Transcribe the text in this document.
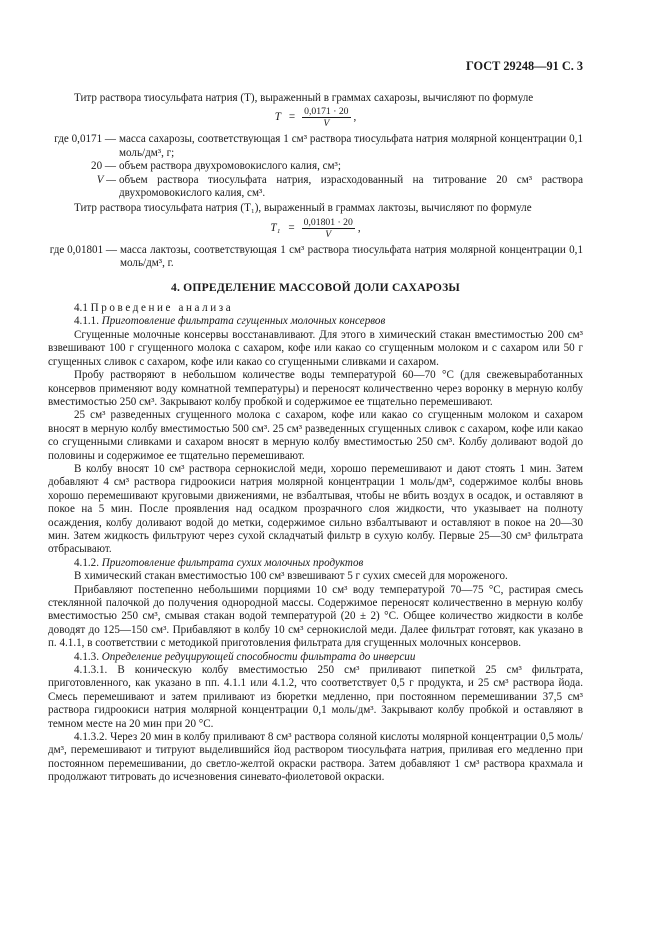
ГОСТ 29248—91 С. 3

Титр раствора тиосульфата натрия (Т), выраженный в граммах сахарозы, вычисляют по формуле

$T = \frac{0,0171 \cdot 20}{V}$ ,
где 0,0171 — масса сахарозы, соответствующая 1 см³ раствора тиосульфата натрия молярной концентрации 0,1 моль/дм³, г;
20 — объем раствора двухромовокислого калия, см³;
V — объем раствора тиосульфата натрия, израсходованный на титрование 20 см³ раствора двухромовокислого калия, см³.

Титр раствора тиосульфата натрия (Т₁), выраженный в граммах лактозы, вычисляют по формуле

$T_1 = \frac{0,01801 \cdot 20}{V}$ ,
где 0,01801 — масса лактозы, соответствующая 1 см³ раствора тиосульфата натрия молярной концентрации 0,1 моль/дм³, г.
4. ОПРЕДЕЛЕНИЕ МАССОВОЙ ДОЛИ САХАРОЗЫ

4.1 Проведение анализа

4.1.1. Приготовление фильтрата сгущенных молочных консервов

Сгущенные молочные консервы восстанавливают. Для этого в химический стакан вместимостью 200 см³ взвешивают 100 г сгущенного молока с сахаром, кофе или какао со сгущенным молоком и с сахаром или 50 г сгущенных сливок с сахаром, кофе или какао со сгущенными сливками и сахаром.

Пробу растворяют в небольшом количестве воды температурой 60—70 °С (для свежевыработанных консервов применяют воду комнатной температуры) и переносят количественно через воронку в мерную колбу вместимостью 250 см³. Закрывают колбу пробкой и содержимое ее тщательно перемешивают.

25 см³ разведенных сгущенного молока с сахаром, кофе или какао со сгущенным молоком и сахаром вносят в мерную колбу вместимостью 500 см³. 25 см³ разведенных сгущенных сливок с сахаром, кофе или какао со сгущенными сливками и сахаром вносят в мерную колбу вместимостью 250 см³. Колбу доливают водой до половины и содержимое ее тщательно перемешивают.

В колбу вносят 10 см³ раствора сернокислой меди, хорошо перемешивают и дают стоять 1 мин. Затем добавляют 4 см³ раствора гидроокиси натрия молярной концентрации 1 моль/дм³, содержимое колбы вновь хорошо перемешивают круговыми движениями, не взбалтывая, чтобы не вбить воздух в осадок, и оставляют в покое на 5 мин. После проявления над осадком прозрачного слоя жидкости, что указывает на полноту осаждения, колбу доливают водой до метки, содержимое сильно взбалтывают и оставляют в покое на 20—30 мин. Затем жидкость фильтруют через сухой складчатый фильтр в сухую колбу. Первые 25—30 см³ фильтрата отбрасывают.

4.1.2. Приготовление фильтрата сухих молочных продуктов

В химический стакан вместимостью 100 см³ взвешивают 5 г сухих смесей для мороженого.

Прибавляют постепенно небольшими порциями 10 см³ воду температурой 70—75 °С, растирая смесь стеклянной палочкой до получения однородной массы. Содержимое переносят количественно в мерную колбу вместимостью 250 см³, смывая стакан водой температурой (20 ± 2) °С. Общее количество жидкости в колбе доводят до 125—150 см³. Прибавляют в колбу 10 см³ сернокислой меди. Далее фильтрат готовят, как указано в п. 4.1.1, в соответствии с методикой приготовления фильтрата для сгущенных молочных консервов.

4.1.3. Определение редуцирующей способности фильтрата до инверсии

4.1.3.1. В коническую колбу вместимостью 250 см³ приливают пипеткой 25 см³ фильтрата, приготовленного, как указано в пп. 4.1.1 или 4.1.2, что соответствует 0,5 г продукта, и 25 см³ раствора йода. Смесь перемешивают и затем приливают из бюретки медленно, при постоянном перемешивании 37,5 см³ раствора гидроокиси натрия молярной концентрации 0,1 моль/дм³. Закрывают колбу пробкой и оставляют в темном месте на 20 мин при 20 °С.

4.1.3.2. Через 20 мин в колбу приливают 8 см³ раствора соляной кислоты молярной концентрации 0,5 моль/дм³, перемешивают и титруют выделившийся йод раствором тиосульфата натрия, приливая его медленно при постоянном перемешивании, до светло-желтой окраски раствора. Затем добавляют 1 см³ раствора крахмала и продолжают титровать до исчезновения синевато-фиолетовой окраски.
